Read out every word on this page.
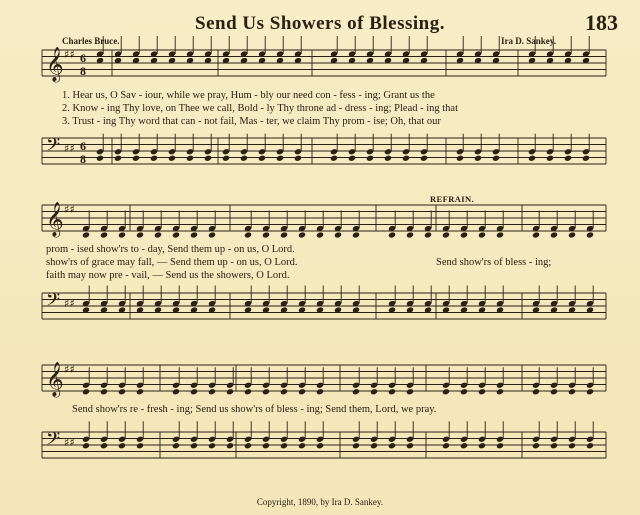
Send Us Showers of Blessing.	183
Charles Bruce.	Ira D. Sankey.
𝄞 ♯♯ 6
8
𝄢 ♯♯ 6
8
𝄞 ♯♯
𝄢 ♯♯
𝄞 ♯♯
𝄢 ♯♯
1. Hear us, O Sav - iour, while we pray, Hum - bly our need con - fess - ing; Grant us the
2. Know - ing Thy love, on Thee we call, Bold - ly Thy throne ad - dress - ing; Plead - ing that
3. Trust - ing Thy word that can - not fail, Mas - ter, we claim Thy prom - ise; Oh, that our
REFRAIN.
prom - ised show'rs to - day, Send them up - on us, O Lord.
show'rs of grace may fall, — Send them up - on us, O Lord.
faith may now pre - vail, — Send us the showers, O Lord.
Send show'rs of bless - ing;
Send show'rs re - fresh - ing; Send us show'rs of bless - ing; Send them, Lord, we pray.
Copyright, 1890, by Ira D. Sankey.
